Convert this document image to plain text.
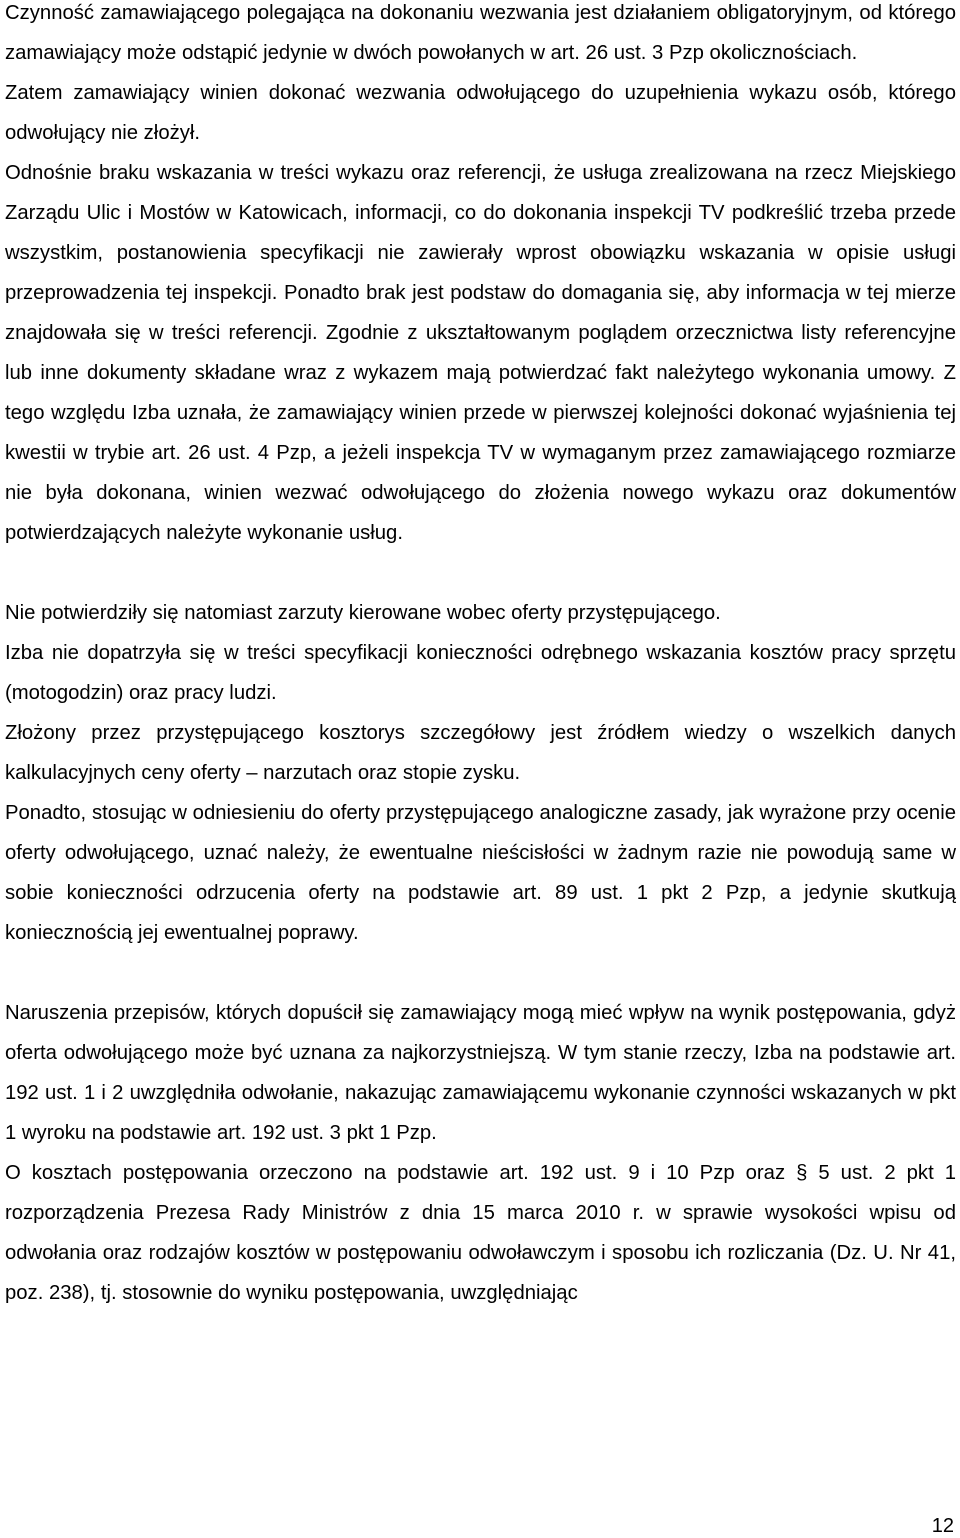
Czynność zamawiającego polegająca na dokonaniu wezwania jest działaniem obligatoryjnym, od którego zamawiający może odstąpić jedynie w dwóch powołanych w art. 26 ust. 3 Pzp okolicznościach.

Zatem zamawiający winien dokonać wezwania odwołującego do uzupełnienia wykazu osób, którego odwołujący nie złożył.

Odnośnie braku wskazania w treści wykazu oraz referencji, że usługa zrealizowana na rzecz Miejskiego Zarządu Ulic i Mostów w Katowicach, informacji, co do dokonania inspekcji TV podkreślić trzeba przede wszystkim, postanowienia specyfikacji nie zawierały wprost obowiązku wskazania w opisie usługi przeprowadzenia tej inspekcji. Ponadto brak jest podstaw do domagania się, aby informacja w tej mierze znajdowała się w treści referencji. Zgodnie z ukształtowanym poglądem orzecznictwa listy referencyjne lub inne dokumenty składane wraz z wykazem mają potwierdzać fakt należytego wykonania umowy. Z tego względu Izba uznała, że zamawiający winien przede w pierwszej kolejności dokonać wyjaśnienia tej kwestii w trybie art. 26 ust. 4 Pzp, a jeżeli inspekcja TV w wymaganym przez zamawiającego rozmiarze nie była dokonana, winien wezwać odwołującego do złożenia nowego wykazu oraz dokumentów potwierdzających należyte wykonanie usług.

Nie potwierdziły się natomiast zarzuty kierowane wobec oferty przystępującego.

Izba nie dopatrzyła się w treści specyfikacji konieczności odrębnego wskazania kosztów pracy sprzętu (motogodzin) oraz pracy ludzi.

Złożony przez przystępującego kosztorys szczegółowy jest źródłem wiedzy o wszelkich danych kalkulacyjnych ceny oferty – narzutach oraz stopie zysku.

Ponadto, stosując w odniesieniu do oferty przystępującego analogiczne zasady, jak wyrażone przy ocenie oferty odwołującego, uznać należy, że ewentualne nieścisłości w żadnym razie nie powodują same w sobie konieczności odrzucenia oferty na podstawie art. 89 ust. 1 pkt 2 Pzp, a jedynie skutkują koniecznością jej ewentualnej poprawy.

Naruszenia przepisów, których dopuścił się zamawiający mogą mieć wpływ na wynik postępowania, gdyż oferta odwołującego może być uznana za najkorzystniejszą. W tym stanie rzeczy, Izba na podstawie art. 192 ust. 1 i 2 uwzględniła odwołanie, nakazując zamawiającemu wykonanie czynności wskazanych w pkt 1 wyroku na podstawie art. 192 ust. 3 pkt 1 Pzp.

O kosztach postępowania orzeczono na podstawie art. 192 ust. 9 i 10 Pzp oraz § 5 ust. 2 pkt 1 rozporządzenia Prezesa Rady Ministrów z dnia 15 marca 2010 r. w sprawie wysokości wpisu od odwołania oraz rodzajów kosztów w postępowaniu odwoławczym i sposobu ich rozliczania (Dz. U. Nr 41, poz. 238), tj. stosownie do wyniku postępowania, uwzględniając

12
